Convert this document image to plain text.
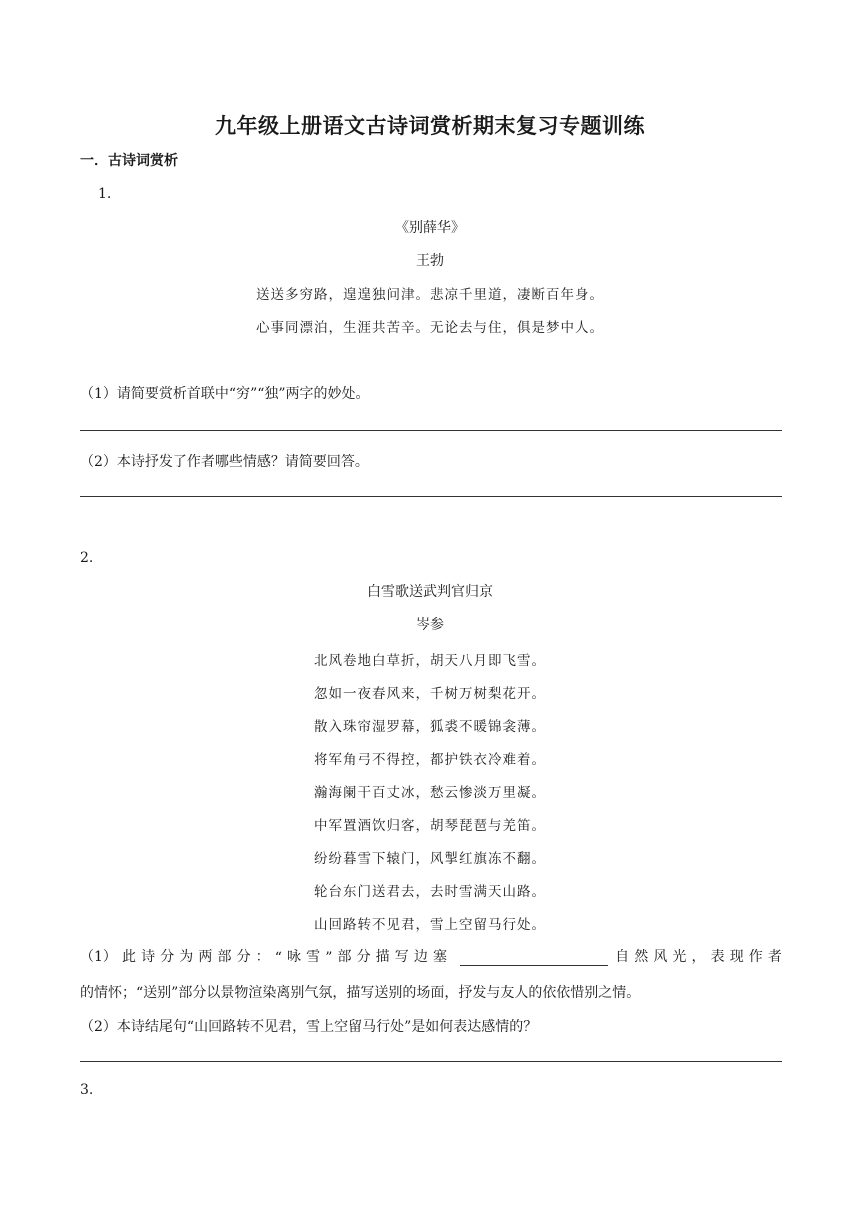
九年级上册语文古诗词赏析期末复习专题训练
一．古诗词赏析
1.
《别薛华》
王勃
送送多穷路，遑遑独问津。悲凉千里道，凄断百年身。
心事同漂泊，生涯共苦辛。无论去与住，俱是梦中人。
（1）请简要赏析首联中“穷”“独”两字的妙处。
（2）本诗抒发了作者哪些情感？请简要回答。
2.
白雪歌送武判官归京
岑参
北风卷地白草折，胡天八月即飞雪。
忽如一夜春风来，千树万树梨花开。
散入珠帘湿罗幕，狐裘不暖锦衾薄。
将军角弓不得控，都护铁衣冷难着。
瀚海阑干百丈冰，愁云惨淡万里凝。
中军置酒饮归客，胡琴琵琶与羌笛。
纷纷暮雪下辕门，风掣红旗冻不翻。
轮台东门送君去，去时雪满天山路。
山回路转不见君，雪上空留马行处。
（1） 此 诗 分 为 两 部 分 ： “ 咏 雪 ” 部 分 描 写 边 塞	自 然 风 光 ， 表 现 作 者
的情怀；“送别”部分以景物渲染离别气氛，描写送别的场面，抒发与友人的依依惜别之情。
（2）本诗结尾句“山回路转不见君，雪上空留马行处”是如何表达感情的？
3.
